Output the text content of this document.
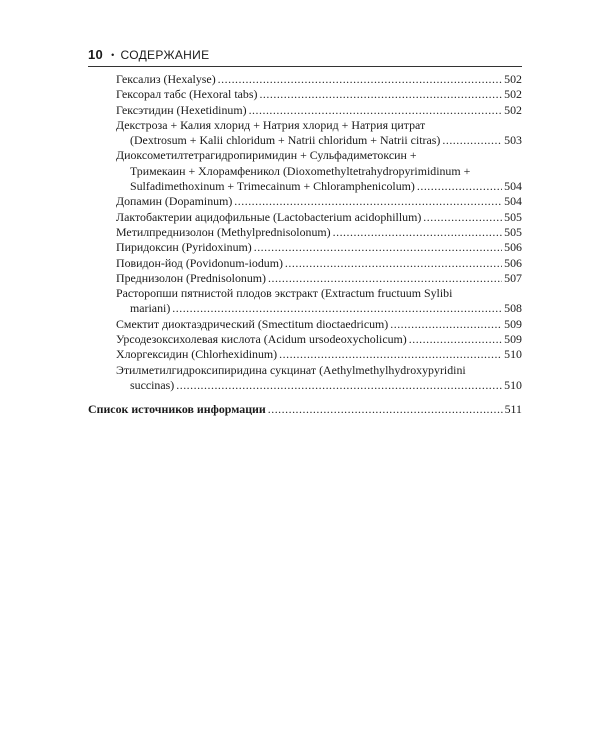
10 • СОДЕРЖАНИЕ
Гексализ (Hexalyse) .....	502
Гексорал табс (Hexoral tabs) .....	502
Гексэтидин (Hexetidinum) .....	502
Декстроза + Калия хлорид + Натрия хлорид + Натрия цитрат
(Dextrosum + Kalii chloridum + Natrii chloridum + Natrii citras) .....	503
Диоксометилтетрагидропиримидин + Сульфадиметоксин +
Тримекаин + Хлорамфеникол (Dioxomethyltetrahydropyrimidinum +
Sulfadimethoxinum + Trimecainum + Chloramphenicolum) .....	504
Допамин (Dopaminum) .....	504
Лактобактерии ацидофильные (Lactobacterium acidophillum) .....	505
Метилпреднизолон (Methylprednisolonum) .....	505
Пиридоксин (Pyridoxinum) .....	506
Повидон-йод (Povidonum-iodum) .....	506
Преднизолон (Prednisolonum) .....	507
Расторопши пятнистой плодов экстракт (Extractum fructuum Sylibi
mariani) .....	508
Смектит диоктаэдрический (Smectitum dioctaedricum) .....	509
Урсодезоксихолевая кислота (Acidum ursodeoxycholicum) .....	509
Хлоргексидин (Chlorhexidinum) .....	510
Этилметилгидроксипиридина сукцинат (Aethylmethylhydroxypyridini
succinas) .....	510
Список источников информации .....	511
